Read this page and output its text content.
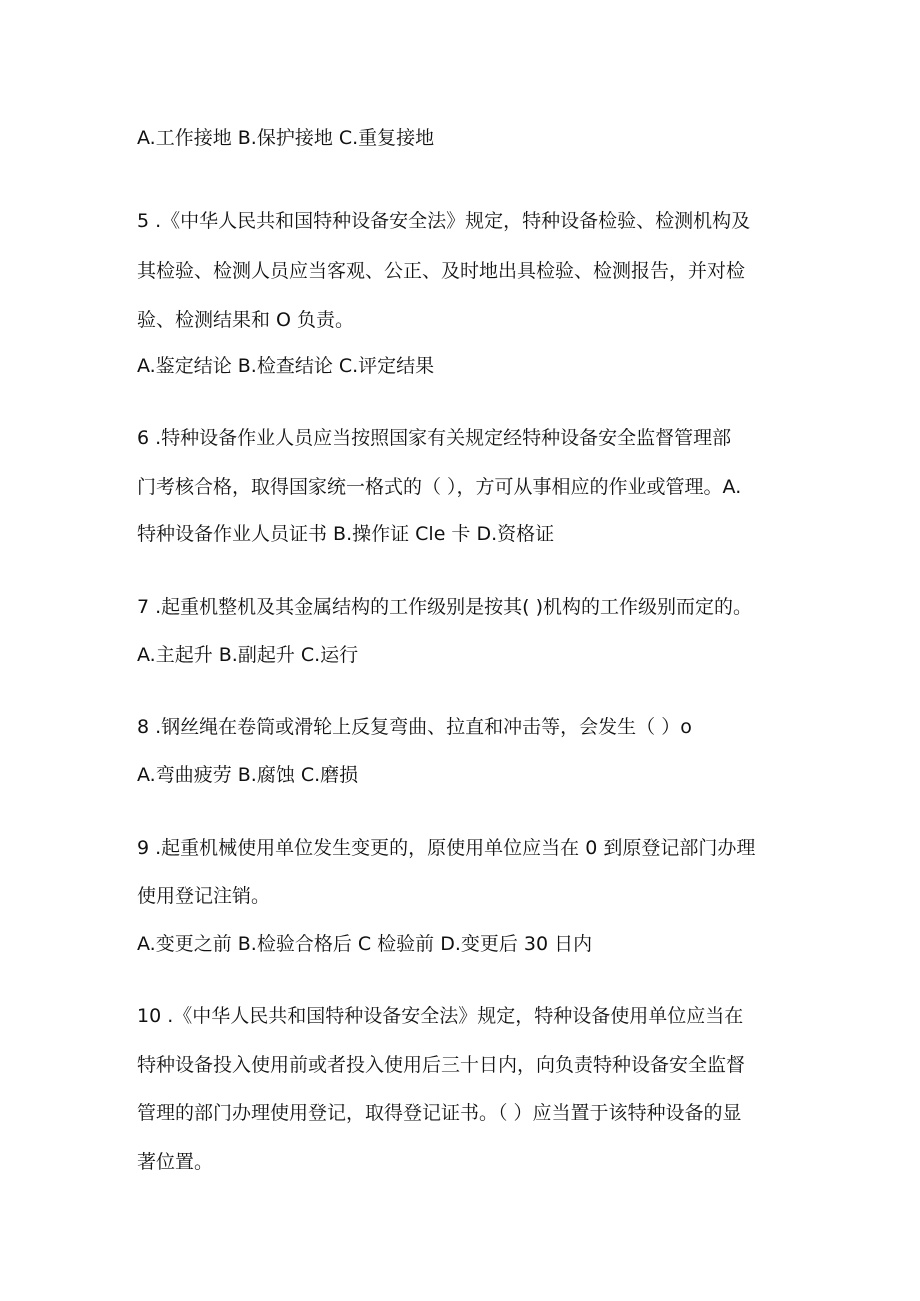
A.工作接地 B.保护接地 C.重复接地
5 .《中华人民共和国特种设备安全法》规定，特种设备检验、检测机构及
其检验、检测人员应当客观、公正、及时地出具检验、检测报告，并对检
验、检测结果和 O 负责。
A.鉴定结论 B.检查结论 C.评定结果
6 .特种设备作业人员应当按照国家有关规定经特种设备安全监督管理部
门考核合格，取得国家统一格式的（ ），方可从事相应的作业或管理。A.
特种设备作业人员证书 B.操作证 Cle 卡 D.资格证
7 .起重机整机及其金属结构的工作级别是按其( )机构的工作级别而定的。
A.主起升 B.副起升 C.运行
8 .钢丝绳在卷筒或滑轮上反复弯曲、拉直和冲击等，会发生（ ）o
A.弯曲疲劳 B.腐蚀 C.磨损
9 .起重机械使用单位发生变更的，原使用单位应当在 0 到原登记部门办理
使用登记注销。
A.变更之前 B.检验合格后 C 检验前 D.变更后 30 日内
10 .《中华人民共和国特种设备安全法》规定，特种设备使用单位应当在
特种设备投入使用前或者投入使用后三十日内，向负责特种设备安全监督
管理的部门办理使用登记，取得登记证书。（ ）应当置于该特种设备的显
著位置。
